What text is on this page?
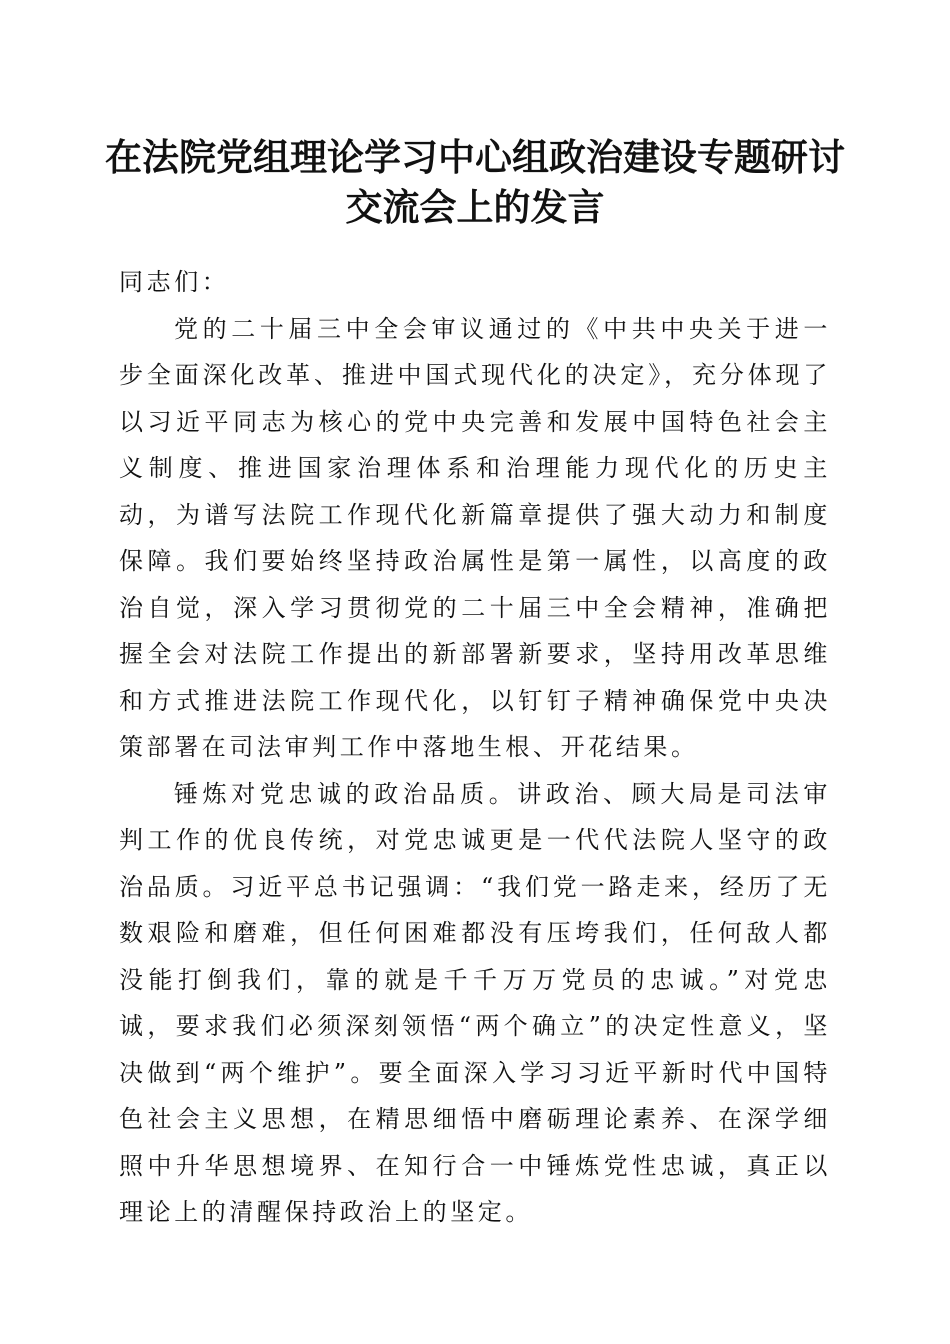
在法院党组理论学习中心组政治建设专题研讨
交流会上的发言

同志们：

党的二十届三中全会审议通过的《中共中央关于进一步全面深化改革、推进中国式现代化的决定》，充分体现了以习近平同志为核心的党中央完善和发展中国特色社会主义制度、推进国家治理体系和治理能力现代化的历史主动，为谱写法院工作现代化新篇章提供了强大动力和制度保障。我们要始终坚持政治属性是第一属性，以高度的政治自觉，深入学习贯彻党的二十届三中全会精神，准确把握全会对法院工作提出的新部署新要求，坚持用改革思维和方式推进法院工作现代化，以钉钉子精神确保党中央决策部署在司法审判工作中落地生根、开花结果。

锤炼对党忠诚的政治品质。讲政治、顾大局是司法审判工作的优良传统，对党忠诚更是一代代法院人坚守的政治品质。习近平总书记强调：“我们党一路走来，经历了无数艰险和磨难，但任何困难都没有压垮我们，任何敌人都没能打倒我们，靠的就是千千万万党员的忠诚。”对党忠诚，要求我们必须深刻领悟“两个确立”的决定性意义，坚决做到“两个维护”。要全面深入学习习近平新时代中国特色社会主义思想，在精思细悟中磨砺理论素养、在深学细照中升华思想境界、在知行合一中锤炼党性忠诚，真正以理论上的清醒保持政治上的坚定。
